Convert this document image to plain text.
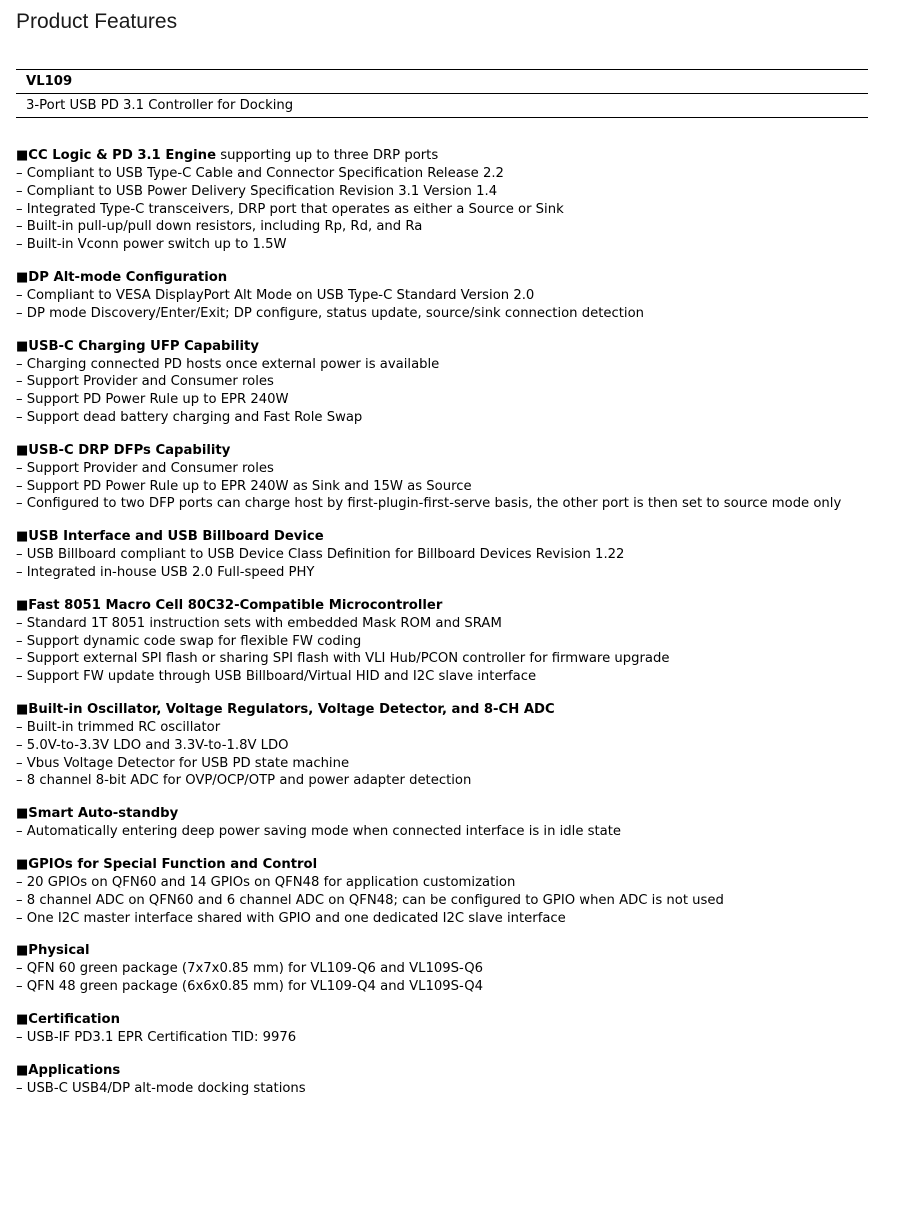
Product Features
VL109
3-Port USB PD 3.1 Controller for Docking
■CC Logic & PD 3.1 Engine supporting up to three DRP ports
– Compliant to USB Type-C Cable and Connector Specification Release 2.2
– Compliant to USB Power Delivery Specification Revision 3.1 Version 1.4
– Integrated Type-C transceivers, DRP port that operates as either a Source or Sink
– Built-in pull-up/pull down resistors, including Rp, Rd, and Ra
– Built-in Vconn power switch up to 1.5W
■DP Alt-mode Configuration
– Compliant to VESA DisplayPort Alt Mode on USB Type-C Standard Version 2.0
– DP mode Discovery/Enter/Exit; DP configure, status update, source/sink connection detection
■USB-C Charging UFP Capability
– Charging connected PD hosts once external power is available
– Support Provider and Consumer roles
– Support PD Power Rule up to EPR 240W
– Support dead battery charging and Fast Role Swap
■USB-C DRP DFPs Capability
– Support Provider and Consumer roles
– Support PD Power Rule up to EPR 240W as Sink and 15W as Source
– Configured to two DFP ports can charge host by first-plugin-first-serve basis, the other port is then set to source mode only
■USB Interface and USB Billboard Device
– USB Billboard compliant to USB Device Class Definition for Billboard Devices Revision 1.22
– Integrated in-house USB 2.0 Full-speed PHY
■Fast 8051 Macro Cell 80C32-Compatible Microcontroller
– Standard 1T 8051 instruction sets with embedded Mask ROM and SRAM
– Support dynamic code swap for flexible FW coding
– Support external SPI flash or sharing SPI flash with VLI Hub/PCON controller for firmware upgrade
– Support FW update through USB Billboard/Virtual HID and I2C slave interface
■Built-in Oscillator, Voltage Regulators, Voltage Detector, and 8-CH ADC
– Built-in trimmed RC oscillator
– 5.0V-to-3.3V LDO and 3.3V-to-1.8V LDO
– Vbus Voltage Detector for USB PD state machine
– 8 channel 8-bit ADC for OVP/OCP/OTP and power adapter detection
■Smart Auto-standby
– Automatically entering deep power saving mode when connected interface is in idle state
■GPIOs for Special Function and Control
– 20 GPIOs on QFN60 and 14 GPIOs on QFN48 for application customization
– 8 channel ADC on QFN60 and 6 channel ADC on QFN48; can be configured to GPIO when ADC is not used
– One I2C master interface shared with GPIO and one dedicated I2C slave interface
■Physical
– QFN 60 green package (7x7x0.85 mm) for VL109-Q6 and VL109S-Q6
– QFN 48 green package (6x6x0.85 mm) for VL109-Q4 and VL109S-Q4
■Certification
– USB-IF PD3.1 EPR Certification TID: 9976
■Applications
– USB-C USB4/DP alt-mode docking stations
